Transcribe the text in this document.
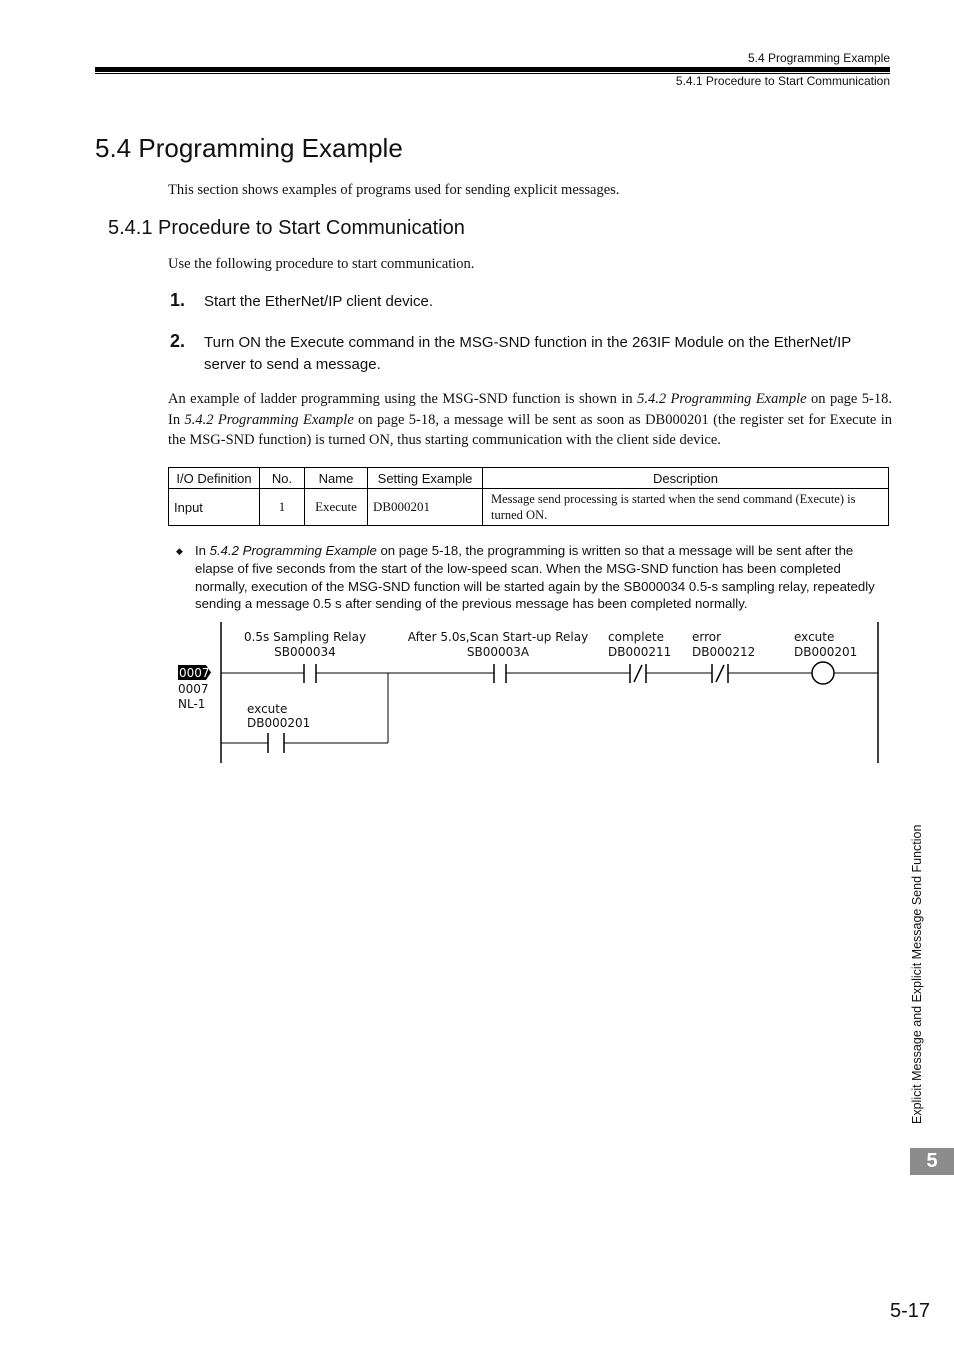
5.4 Programming Example
5.4.1 Procedure to Start Communication
5.4 Programming Example
This section shows examples of programs used for sending explicit messages.
5.4.1 Procedure to Start Communication
Use the following procedure to start communication.
1. Start the EtherNet/IP client device.
2. Turn ON the Execute command in the MSG-SND function in the 263IF Module on the EtherNet/IP server to send a message.
An example of ladder programming using the MSG-SND function is shown in 5.4.2 Programming Example on page 5-18. In 5.4.2 Programming Example on page 5-18, a message will be sent as soon as DB000201 (the register set for Execute in the MSG-SND function) is turned ON, thus starting communication with the client side device.
I/O Definition	No.	Name	Setting Example	Description
Input	1	Execute	DB000201	Message send processing is started when the send command (Execute) is turned ON.
◆ In 5.4.2 Programming Example on page 5-18, the programming is written so that a message will be sent after the elapse of five seconds from the start of the low-speed scan. When the MSG-SND function has been completed normally, execution of the MSG-SND function will be started again by the SB000034 0.5-s sampling relay, repeatedly sending a message 0.5 s after sending of the previous message has been completed normally.
0007
0007
NL-1
0.5s Sampling Relay
SB000034
After 5.0s,Scan Start-up Relay
SB00003A
complete
DB000211
error
DB000212
excute
DB000201
excute
DB000201
Explicit Message and Explicit Message Send Function
5
5-17
